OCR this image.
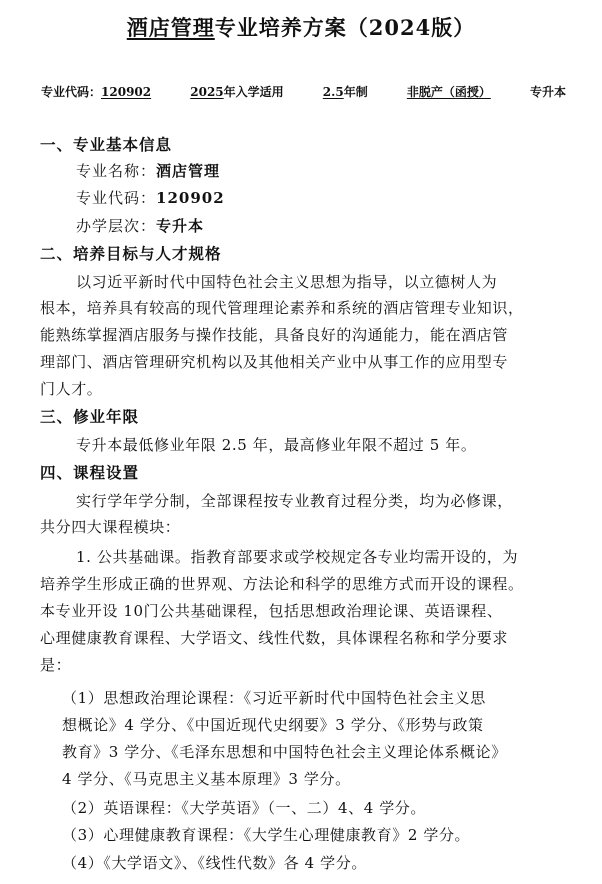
酒店管理专业培养方案（2024版）
专业代码：120902	2025年入学适用	2.5年制	非脱产（函授）	专升本
一、专业基本信息
专业名称：酒店管理
专业代码：120902
办学层次：专升本
二、培养目标与人才规格
以习近平新时代中国特色社会主义思想为指导，以立德树人为
根本，培养具有较高的现代管理理论素养和系统的酒店管理专业知识，
能熟练掌握酒店服务与操作技能，具备良好的沟通能力，能在酒店管
理部门、酒店管理研究机构以及其他相关产业中从事工作的应用型专
门人才。
三、修业年限
专升本最低修业年限 2.5 年，最高修业年限不超过 5 年。
四、课程设置
实行学年学分制，全部课程按专业教育过程分类，均为必修课，
共分四大课程模块：
1. 公共基础课。指教育部要求或学校规定各专业均需开设的，为
培养学生形成正确的世界观、方法论和科学的思维方式而开设的课程。
本专业开设 10门公共基础课程，包括思想政治理论课、英语课程、
心理健康教育课程、大学语文、线性代数，具体课程名称和学分要求
是：
（1）思想政治理论课程：《习近平新时代中国特色社会主义思
想概论》4 学分、《中国近现代史纲要》3 学分、《形势与政策
教育》3 学分、《毛泽东思想和中国特色社会主义理论体系概论》
4 学分、《马克思主义基本原理》3 学分。
（2）英语课程：《大学英语》（一、二）4、4 学分。
（3）心理健康教育课程：《大学生心理健康教育》2 学分。
（4）《大学语文》、《线性代数》各 4 学分。
